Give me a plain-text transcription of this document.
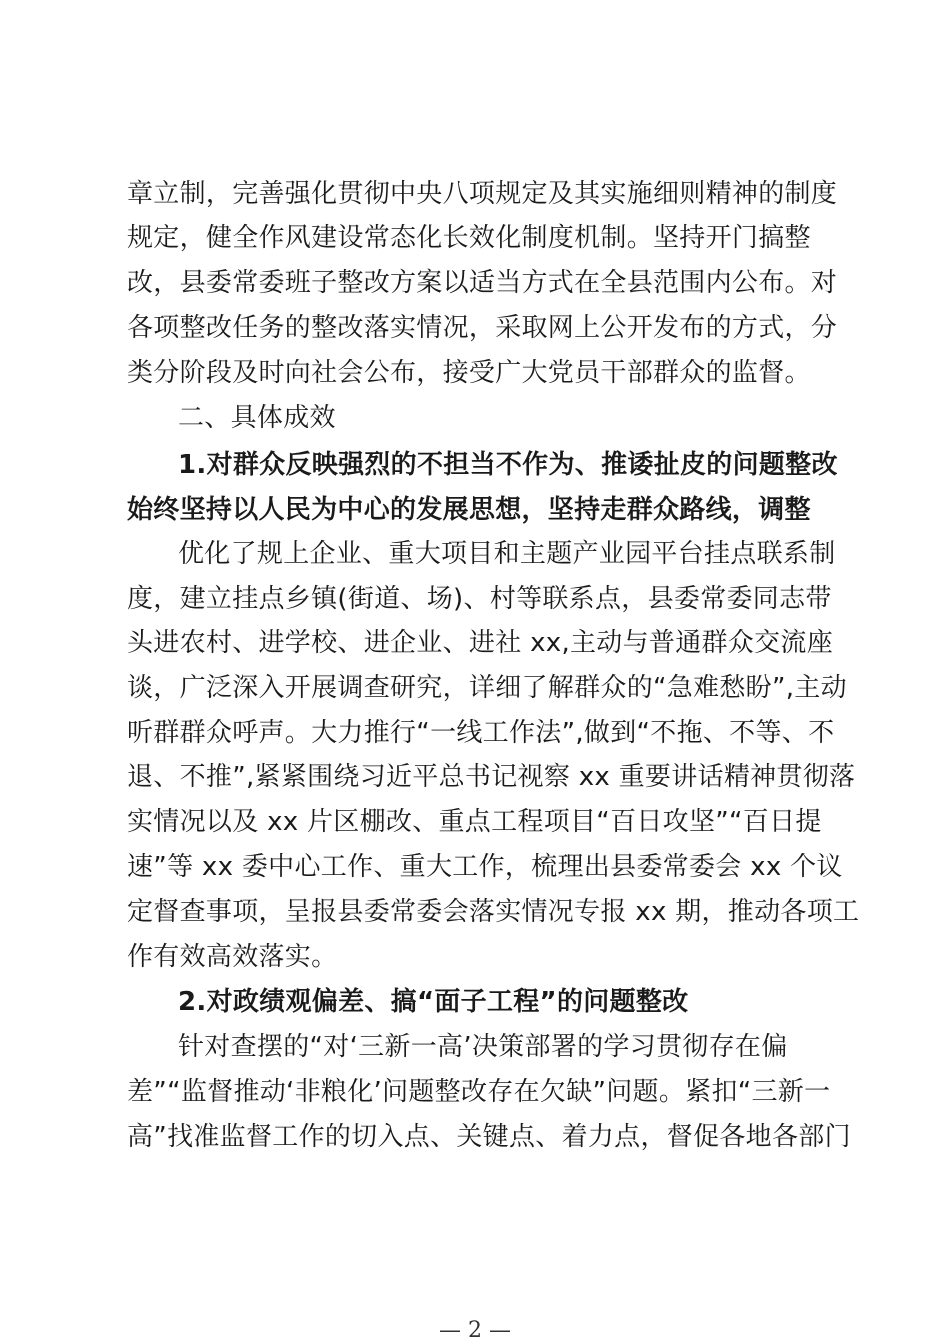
章立制，完善强化贯彻中央八项规定及其实施细则精神的制度
规定，健全作风建设常态化长效化制度机制。坚持开门搞整
改，县委常委班子整改方案以适当方式在全县范围内公布。对
各项整改任务的整改落实情况，采取网上公开发布的方式，分
类分阶段及时向社会公布，接受广大党员干部群众的监督。
二、具体成效
1.对群众反映强烈的不担当不作为、推诿扯皮的问题整改
始终坚持以人民为中心的发展思想，坚持走群众路线，调整
优化了规上企业、重大项目和主题产业园平台挂点联系制
度，建立挂点乡镇(街道、场)、村等联系点，县委常委同志带
头进农村、进学校、进企业、进社 xx,主动与普通群众交流座
谈，广泛深入开展调查研究，详细了解群众的“急难愁盼”,主动
听群群众呼声。大力推行“一线工作法”,做到“不拖、不等、不
退、不推”,紧紧围绕习近平总书记视察 xx 重要讲话精神贯彻落
实情况以及 xx 片区棚改、重点工程项目“百日攻坚”“百日提
速”等 xx 委中心工作、重大工作，梳理出县委常委会 xx 个议
定督查事项，呈报县委常委会落实情况专报 xx 期，推动各项工
作有效高效落实。
2.对政绩观偏差、搞“面子工程”的问题整改
针对查摆的“对‘三新一高’决策部署的学习贯彻存在偏
差”“监督推动‘非粮化’问题整改存在欠缺”问题。紧扣“三新一
高”找准监督工作的切入点、关键点、着力点，督促各地各部门
— 2 —
